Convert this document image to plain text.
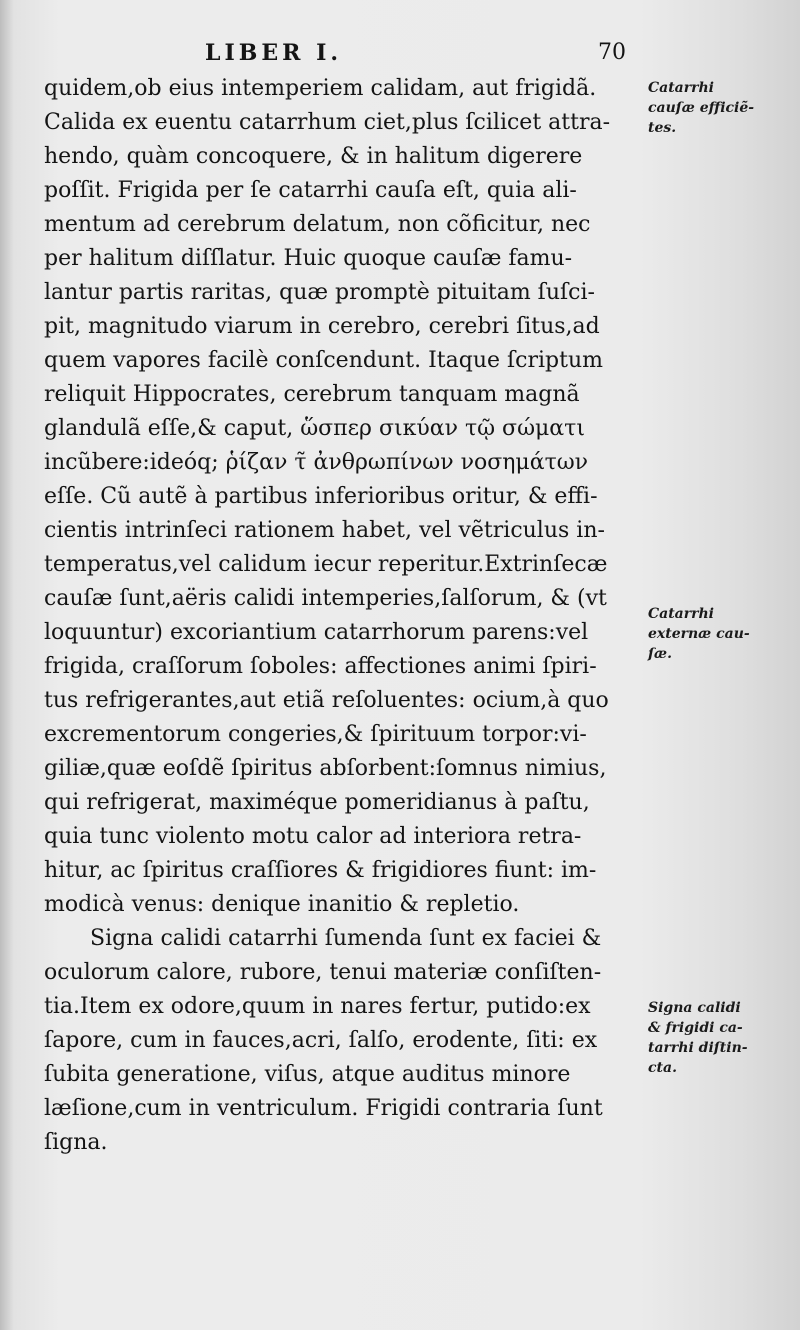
LIBER I.	70
quidem,ob eius intemperiem calidam, aut frigidã.
Calida ex euentu catarrhum ciet,plus ſcilicet attra-
hendo, quàm concoquere, & in halitum digerere
poſſit. Frigida per ſe catarrhi cauſa eſt, quia ali-
mentum ad cerebrum delatum, non cõficitur, nec
per halitum diſſlatur. Huic quoque cauſæ famu-
lantur partis raritas, quæ promptè pituitam ſuſci-
pit, magnitudo viarum in cerebro, cerebri ſitus,ad
quem vapores facilè conſcendunt. Itaque ſcriptum
reliquit Hippocrates, cerebrum tanquam magnã
glandulã eſſe,& caput, ὥσπερ σικύαν τῷ σώματι
incũbere:ideóq; ῥίζαν τ̃ ἀνθρωπίνων νοσημάτων
eſſe. Cũ autẽ à partibus inferioribus oritur, & effi-
cientis intrinſeci rationem habet, vel vẽtriculus in-
temperatus,vel calidum iecur reperitur.Extrinſecæ
cauſæ ſunt,aëris calidi intemperies,ſalſorum, & (vt
loquuntur) excoriantium catarrhorum parens:vel
frigida, craſſorum ſoboles: affectiones animi ſpiri-
tus refrigerantes,aut etiã reſoluentes: ocium,à quo
excrementorum congeries,& ſpirituum torpor:vi-
giliæ,quæ eoſdẽ ſpiritus abſorbent:ſomnus nimius,
qui refrigerat, maximéque pomeridianus à paſtu,
quia tunc violento motu calor ad interiora retra-
hitur, ac ſpiritus craſſiores & frigidiores fiunt: im-
modicà venus: denique inanitio & repletio.
Signa calidi catarrhi ſumenda ſunt ex faciei &
oculorum calore, rubore, tenui materiæ conſiſten-
tia.Item ex odore,quum in nares fertur, putido:ex
ſapore, cum in fauces,acri, ſalſo, erodente, ſiti: ex
ſubita generatione, viſus, atque auditus minore
læſione,cum in ventriculum. Frigidi contraria ſunt
ſigna.
Catarrhi
cauſæ efficiẽ-
tes.
Catarrhi
externæ cau-
ſæ.
Signa calidi
& frigidi ca-
tarrhi diſtin-
cta.
